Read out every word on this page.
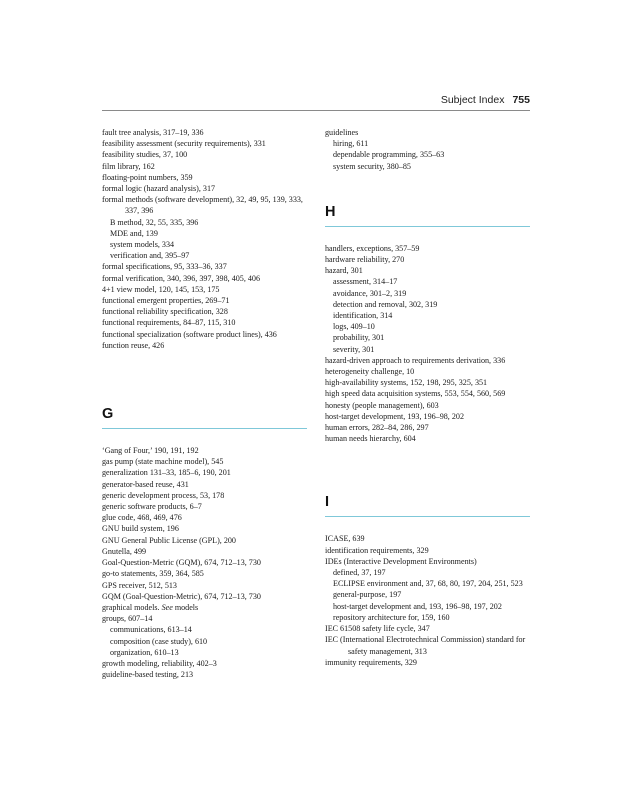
Subject Index 755

fault tree analysis, 317–19, 336

feasibility assessment (security requirements), 331

feasibility studies, 37, 100

film library, 162

floating-point numbers, 359

formal logic (hazard analysis), 317

formal methods (software development), 32, 49, 95, 139, 333, 337, 396

B method, 32, 55, 335, 396

MDE and, 139

system models, 334

verification and, 395–97

formal specifications, 95, 333–36, 337

formal verification, 340, 396, 397, 398, 405, 406

4+1 view model, 120, 145, 153, 175

functional emergent properties, 269–71

functional reliability specification, 328

functional requirements, 84–87, 115, 310

functional specialization (software product lines), 436

function reuse, 426

G

‘Gang of Four,’ 190, 191, 192

gas pump (state machine model), 545

generalization 131–33, 185–6, 190, 201

generator-based reuse, 431

generic development process, 53, 178

generic software products, 6–7

glue code, 468, 469, 476

GNU build system, 196

GNU General Public License (GPL), 200

Gnutella, 499

Goal-Question-Metric (GQM), 674, 712–13, 730

go-to statements, 359, 364, 585

GPS receiver, 512, 513

GQM (Goal-Question-Metric), 674, 712–13, 730

graphical models. See models

groups, 607–14

communications, 613–14

composition (case study), 610

organization, 610–13

growth modeling, reliability, 402–3

guideline-based testing, 213

guidelines

hiring, 611

dependable programming, 355–63

system security, 380–85

H

handlers, exceptions, 357–59

hardware reliability, 270

hazard, 301

assessment, 314–17

avoidance, 301–2, 319

detection and removal, 302, 319

identification, 314

logs, 409–10

probability, 301

severity, 301

hazard-driven approach to requirements derivation, 336

heterogeneity challenge, 10

high-availability systems, 152, 198, 295, 325, 351

high speed data acquisition systems, 553, 554, 560, 569

honesty (people management), 603

host-target development, 193, 196–98, 202

human errors, 282–84, 286, 297

human needs hierarchy, 604

I

ICASE, 639

identification requirements, 329

IDEs (Interactive Development Environments)

defined, 37, 197

ECLIPSE environment and, 37, 68, 80, 197, 204, 251, 523

general-purpose, 197

host-target development and, 193, 196–98, 197, 202

repository architecture for, 159, 160

IEC 61508 safety life cycle, 347

IEC (International Electrotechnical Commission) standard for safety management, 313

immunity requirements, 329
